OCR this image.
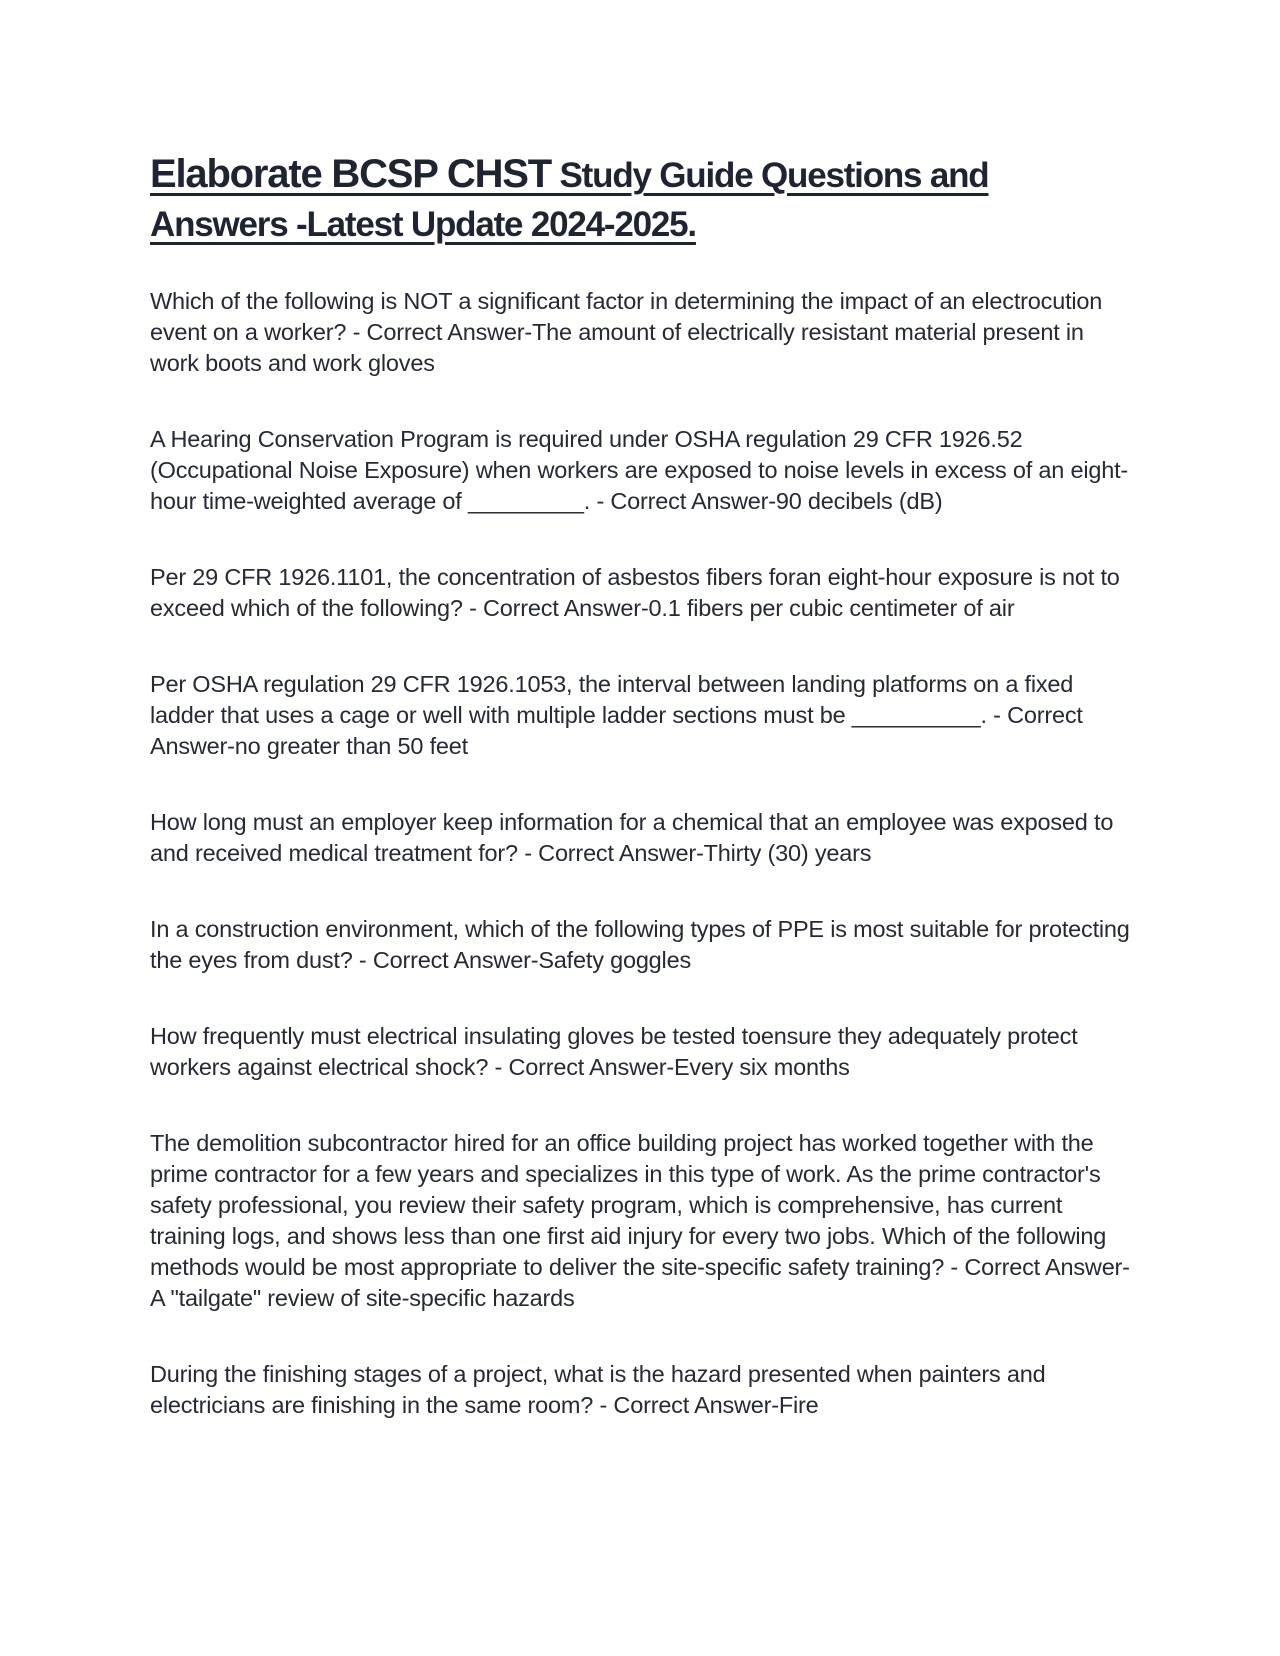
Elaborate BCSP CHST Study Guide Questions and Answers -Latest Update 2024-2025.

Which of the following is NOT a significant factor in determining the impact of an electrocution event on a worker? - Correct Answer-The amount of electrically resistant material present in work boots and work gloves

A Hearing Conservation Program is required under OSHA regulation 29 CFR 1926.52 (Occupational Noise Exposure) when workers are exposed to noise levels in excess of an eight-hour time-weighted average of _________. - Correct Answer-90 decibels (dB)

Per 29 CFR 1926.1101, the concentration of asbestos fibers foran eight-hour exposure is not to exceed which of the following? - Correct Answer-0.1 fibers per cubic centimeter of air

Per OSHA regulation 29 CFR 1926.1053, the interval between landing platforms on a fixed ladder that uses a cage or well with multiple ladder sections must be __________. - Correct Answer-no greater than 50 feet

How long must an employer keep information for a chemical that an employee was exposed to and received medical treatment for? - Correct Answer-Thirty (30) years

In a construction environment, which of the following types of PPE is most suitable for protecting the eyes from dust? - Correct Answer-Safety goggles

How frequently must electrical insulating gloves be tested toensure they adequately protect workers against electrical shock? - Correct Answer-Every six months

The demolition subcontractor hired for an office building project has worked together with the prime contractor for a few years and specializes in this type of work. As the prime contractor's safety professional, you review their safety program, which is comprehensive, has current training logs, and shows less than one first aid injury for every two jobs. Which of the following methods would be most appropriate to deliver the site-specific safety training? - Correct Answer-A "tailgate" review of site-specific hazards

During the finishing stages of a project, what is the hazard presented when painters and electricians are finishing in the same room? - Correct Answer-Fire
